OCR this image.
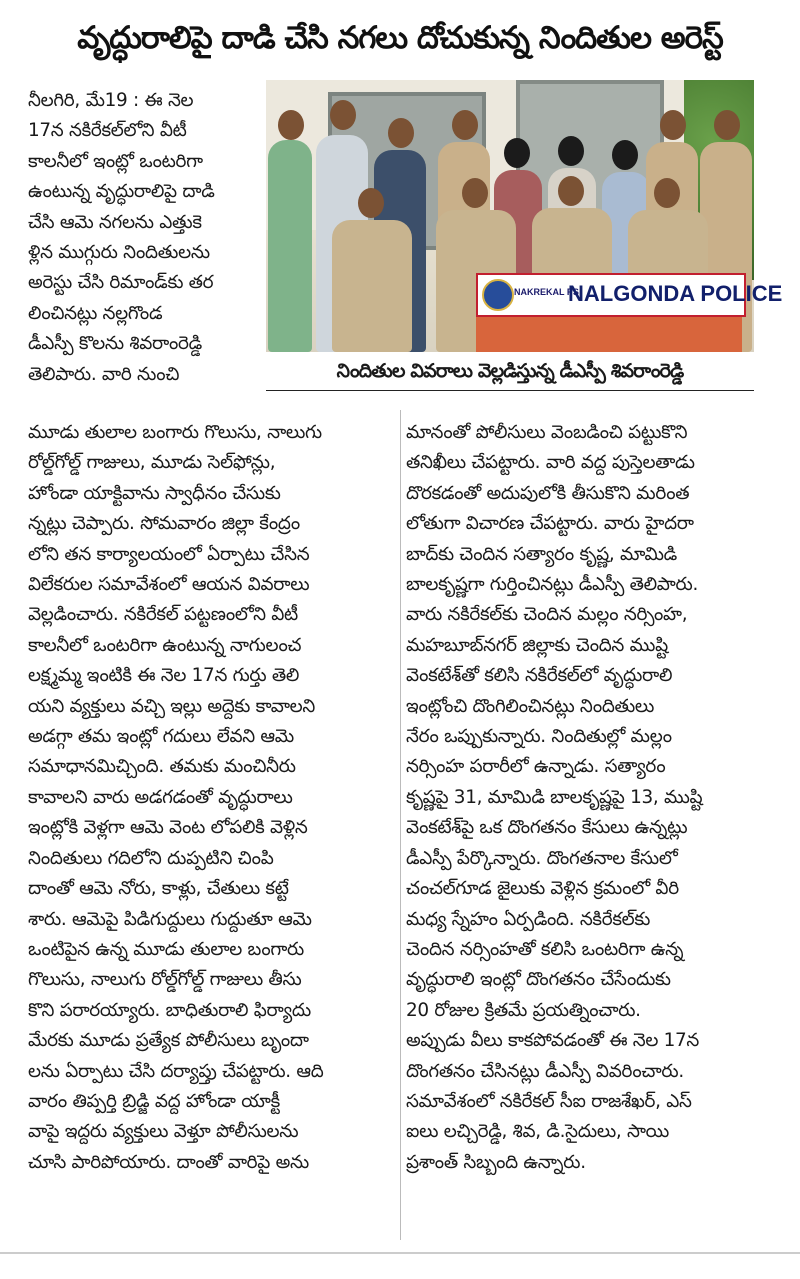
వృద్ధురాలిపై దాడి చేసి నగలు దోచుకున్న నిందితుల అరెస్ట్
NAKREKAL PS
NALGONDA POLICE
నిందితుల వివరాలు వెల్లడిస్తున్న డీఎస్పీ శివరాంరెడ్డి

నీలగిరి, మే19 : ఈ నెల

17న నకిరేకల్‌లోని వీటీ

కాలనీలో ఇంట్లో ఒంటరిగా

ఉంటున్న వృద్ధురాలిపై దాడి

చేసి ఆమె నగలను ఎత్తుకె

ళ్లిన ముగ్గురు నిందితులను

అరెస్టు చేసి రిమాండ్‌కు తర

లించినట్లు నల్లగొండ

డీఎస్పీ కొలను శివరాంరెడ్డి

తెలిపారు. వారి నుంచి

మూడు తులాల బంగారు గొలుసు, నాలుగు

రోల్డ్‌గోల్డ్ గాజులు, మూడు సెల్‌ఫోన్లు,

హోండా యాక్టివాను స్వాధీనం చేసుకు

న్నట్లు చెప్పారు. సోమవారం జిల్లా కేంద్రం

లోని తన కార్యాలయంలో ఏర్పాటు చేసిన

విలేకరుల సమావేశంలో ఆయన వివరాలు

వెల్లడించారు. నకిరేకల్ పట్టణంలోని వీటీ

కాలనీలో ఒంటరిగా ఉంటున్న నాగులంచ

లక్ష్మమ్మ ఇంటికి ఈ నెల 17న గుర్తు తెలి

యని వ్యక్తులు వచ్చి ఇల్లు అద్దెకు కావాలని

అడగ్గా తమ ఇంట్లో గదులు లేవని ఆమె

సమాధానమిచ్చింది. తమకు మంచినీరు

కావాలని వారు అడగడంతో వృద్ధురాలు

ఇంట్లోకి వెళ్లగా ఆమె వెంట లోపలికి వెళ్లిన

నిందితులు గదిలోని దుప్పటిని చింపి

దాంతో ఆమె నోరు, కాళ్లు, చేతులు కట్టే

శారు. ఆమెపై పిడిగుద్దులు గుద్దుతూ ఆమె

ఒంటిపైన ఉన్న మూడు తులాల బంగారు

గొలుసు, నాలుగు రోల్డ్‌గోల్డ్ గాజులు తీసు

కొని పరారయ్యారు. బాధితురాలి ఫిర్యాదు

మేరకు మూడు ప్రత్యేక పోలీసులు బృందా

లను ఏర్పాటు చేసి దర్యాప్తు చేపట్టారు. ఆది

వారం తిప్పర్తి బ్రిడ్జి వద్ద హోండా యాక్టీ

వాపై ఇద్దరు వ్యక్తులు వెళ్తూ పోలీసులను

చూసి పారిపోయారు. దాంతో వారిపై అను

మానంతో పోలీసులు వెంబడించి పట్టుకొని

తనిఖీలు చేపట్టారు. వారి వద్ద పుస్తెలతాడు

దొరకడంతో అదుపులోకి తీసుకొని మరింత

లోతుగా విచారణ చేపట్టారు. వారు హైదరా

బాద్‌కు చెందిన సత్యారం కృష్ణ, మామిడి

బాలకృష్ణగా గుర్తించినట్లు డీఎస్పీ తెలిపారు.

వారు నకిరేకల్‌కు చెందిన మల్లం నర్సింహ,

మహబూబ్‌నగర్ జిల్లాకు చెందిన ముష్టి

వెంకటేశ్‌తో కలిసి నకిరేకల్‌లో వృద్ధురాలి

ఇంట్లోంచి దొంగిలించినట్లు నిందితులు

నేరం ఒప్పుకున్నారు. నిందితుల్లో మల్లం

నర్సింహ పరారీలో ఉన్నాడు. సత్యారం

కృష్ణపై 31, మామిడి బాలకృష్ణపై 13, ముష్టి

వెంకటేశ్‌పై ఒక దొంగతనం కేసులు ఉన్నట్లు

డీఎస్పీ పేర్కొన్నారు. దొంగతనాల కేసులో

చంచల్‌గూడ జైలుకు వెళ్లిన క్రమంలో వీరి

మధ్య స్నేహం ఏర్పడింది. నకిరేకల్‌కు

చెందిన నర్సింహతో కలిసి ఒంటరిగా ఉన్న

వృద్ధురాలి ఇంట్లో దొంగతనం చేసేందుకు

20 రోజుల క్రితమే ప్రయత్నించారు.

అప్పుడు వీలు కాకపోవడంతో ఈ నెల 17న

దొంగతనం చేసినట్లు డీఎస్పీ వివరించారు.

సమావేశంలో నకిరేకల్ సీఐ రాజశేఖర్, ఎస్

ఐలు లచ్చిరెడ్డి, శివ, డి.సైదులు, సాయి

ప్రశాంత్ సిబ్బంది ఉన్నారు.
